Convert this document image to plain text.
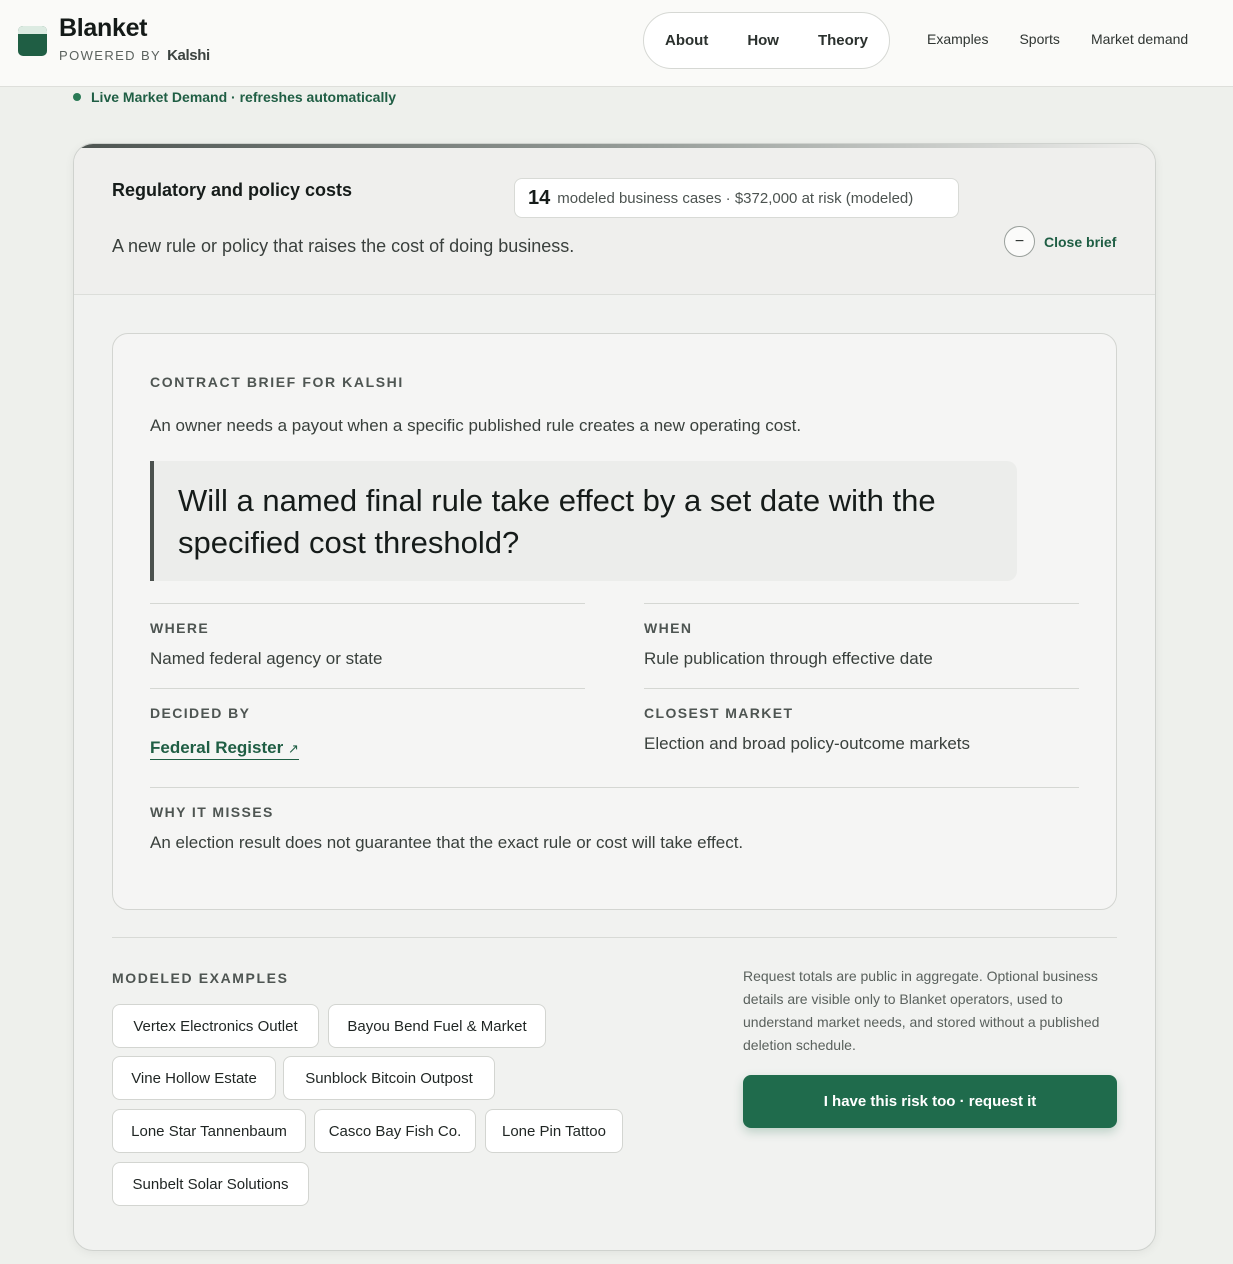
Blanket
POWERED BY Kalshi
About	How	Theory	Examples Sports Market demand
Live Market Demand · refreshes automatically
Regulatory and policy costs	14 modeled business cases · $372,000 at risk (modeled)
A new rule or policy that raises the cost of doing business.	−	Close brief
CONTRACT BRIEF FOR KALSHI
An owner needs a payout when a specific published rule creates a new operating cost.
Will a named final rule take effect by a set date with the specified cost threshold?
WHERE
Named federal agency or state
WHEN
Rule publication through effective date
DECIDED BY
Federal Register ↗
CLOSEST MARKET
Election and broad policy-outcome markets
WHY IT MISSES
An election result does not guarantee that the exact rule or cost will take effect.
MODELED EXAMPLES
Vertex Electronics Outlet	Bayou Bend Fuel & Market
Vine Hollow Estate	Sunblock Bitcoin Outpost
Lone Star Tannenbaum	Casco Bay Fish Co.	Lone Pin Tattoo
Sunbelt Solar Solutions
Request totals are public in aggregate. Optional business details are visible only to Blanket operators, used to understand market needs, and stored without a published deletion schedule.
I have this risk too · request it
